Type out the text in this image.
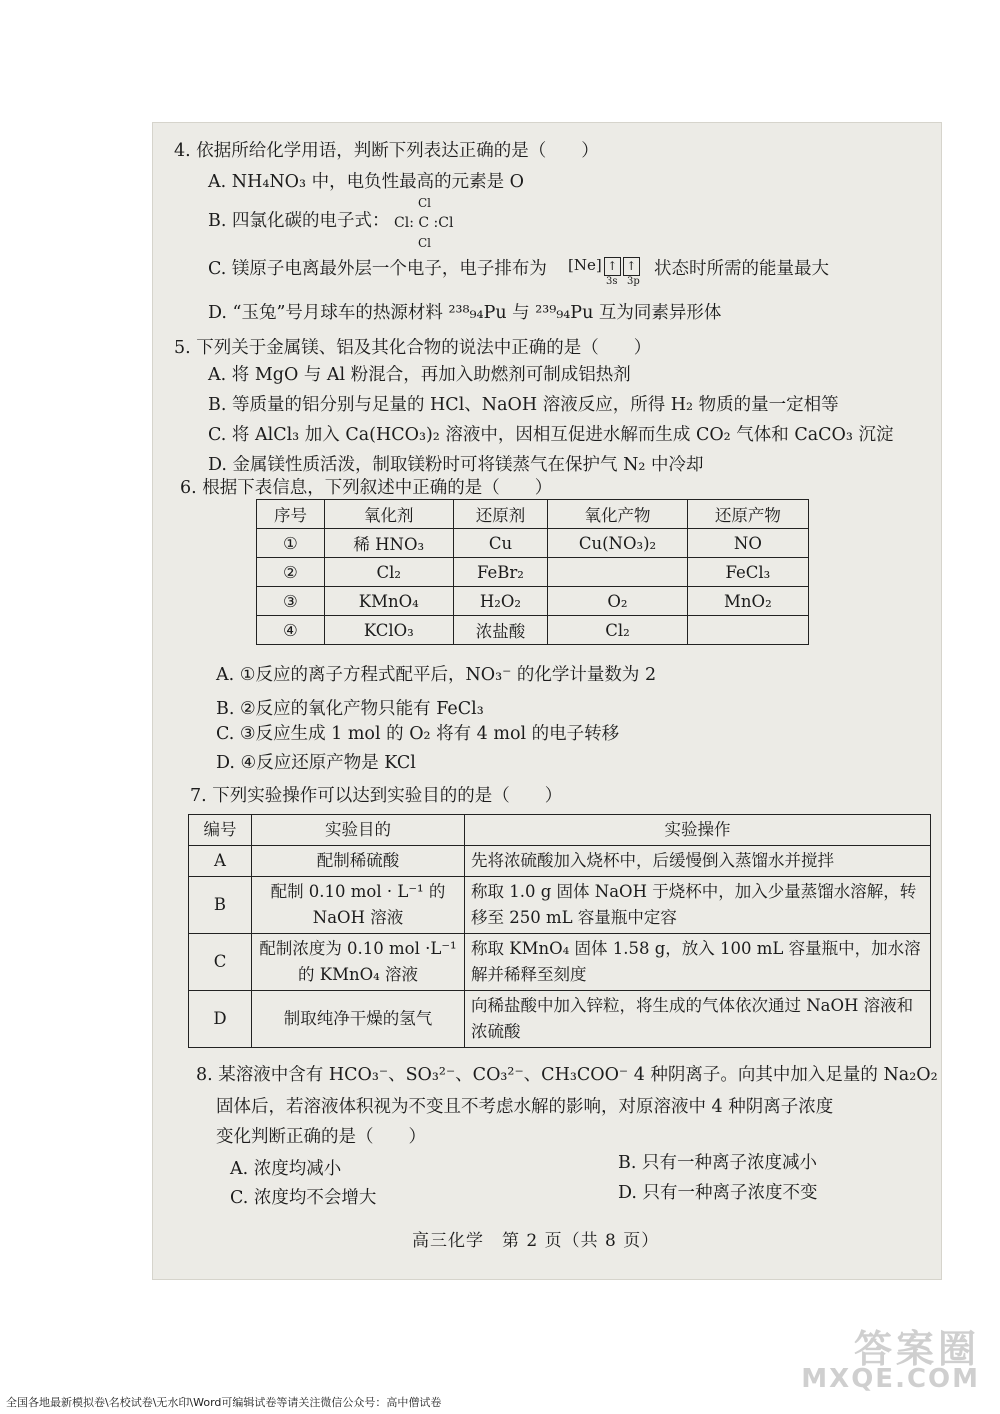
4. 依据所给化学用语，判断下列表达正确的是（　　）
A. NH₄NO₃ 中，电负性最高的元素是 O
Cl
B. 四氯化碳的电子式： Cl: C :Cl
Cl
C. 镁原子电离最外层一个电子，电子排布为 [Ne] ↑ ↑
3s 3p
状态时所需的能量最大
D. “玉兔”号月球车的热源材料 ²³⁸₉₄Pu 与 ²³⁹₉₄Pu 互为同素异形体
5. 下列关于金属镁、铝及其化合物的说法中正确的是（　　）
A. 将 MgO 与 Al 粉混合，再加入助燃剂可制成铝热剂
B. 等质量的铝分别与足量的 HCl、NaOH 溶液反应，所得 H₂ 物质的量一定相等
C. 将 AlCl₃ 加入 Ca(HCO₃)₂ 溶液中，因相互促进水解而生成 CO₂ 气体和 CaCO₃ 沉淀
D. 金属镁性质活泼，制取镁粉时可将镁蒸气在保护气 N₂ 中冷却
6. 根据下表信息，下列叙述中正确的是（　　）
序号	氧化剂	还原剂	氧化产物	还原产物
①	稀 HNO₃	Cu	Cu(NO₃)₂	NO
②	Cl₂	FeBr₂		FeCl₃
③	KMnO₄	H₂O₂	O₂	MnO₂
④	KClO₃	浓盐酸	Cl₂	
A. ①反应的离子方程式配平后，NO₃⁻ 的化学计量数为 2
B. ②反应的氧化产物只能有 FeCl₃
C. ③反应生成 1 mol 的 O₂ 将有 4 mol 的电子转移
D. ④反应还原产物是 KCl
7. 下列实验操作可以达到实验目的的是（　　）
编号	实验目的	实验操作
A	配制稀硫酸	先将浓硫酸加入烧杯中，后缓慢倒入蒸馏水并搅拌
B	配制 0.10 mol · L⁻¹ 的 NaOH 溶液	称取 1.0 g 固体 NaOH 于烧杯中，加入少量蒸馏水溶解，转移至 250 mL 容量瓶中定容
C	配制浓度为 0.10 mol ·L⁻¹ 的 KMnO₄ 溶液	称取 KMnO₄ 固体 1.58 g，放入 100 mL 容量瓶中，加水溶解并稀释至刻度
D	制取纯净干燥的氢气	向稀盐酸中加入锌粒，将生成的气体依次通过 NaOH 溶液和浓硫酸
8. 某溶液中含有 HCO₃⁻、SO₃²⁻、CO₃²⁻、CH₃COO⁻ 4 种阴离子。向其中加入足量的 Na₂O₂
固体后，若溶液体积视为不变且不考虑水解的影响，对原溶液中 4 种阴离子浓度
变化判断正确的是（　　）
A. 浓度均减小	B. 只有一种离子浓度减小
C. 浓度均不会增大	D. 只有一种离子浓度不变
高三化学　第 2 页（共 8 页）
答案圈
MXQE.COM
全国各地最新模拟卷\名校试卷\无水印\Word可编辑试卷等请关注微信公众号：高中僧试卷
